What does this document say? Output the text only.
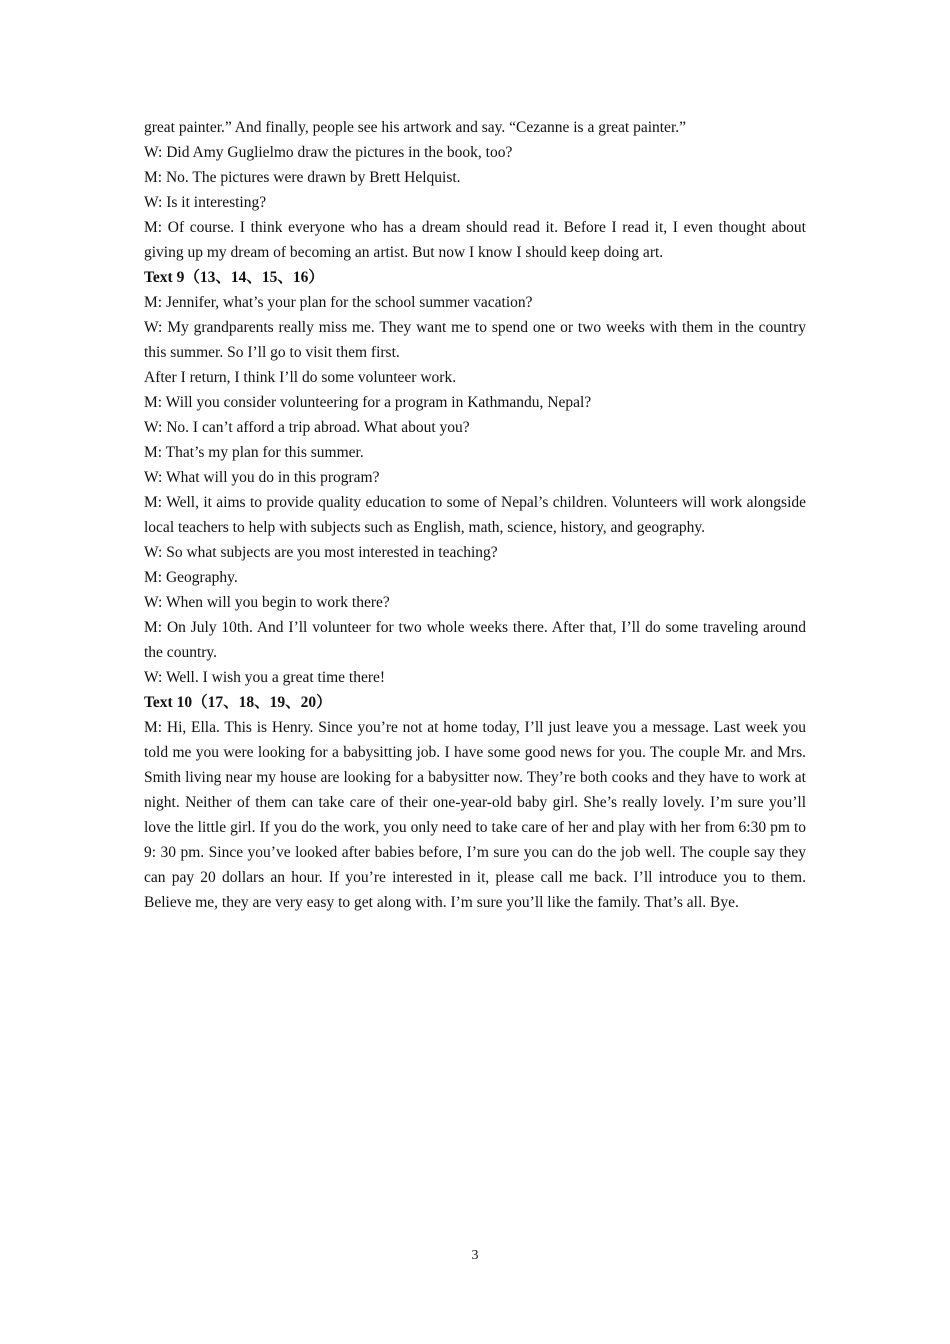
great painter.” And finally, people see his artwork and say. “Cezanne is a great painter.”

W: Did Amy Guglielmo draw the pictures in the book, too?

M: No. The pictures were drawn by Brett Helquist.

W: Is it interesting?

M: Of course. I think everyone who has a dream should read it. Before I read it, I even thought about giving up my dream of becoming an artist. But now I know I should keep doing art.

Text 9（13、14、15、16）

M: Jennifer, what’s your plan for the school summer vacation?

W: My grandparents really miss me. They want me to spend one or two weeks with them in the country this summer. So I’ll go to visit them first.

After I return, I think I’ll do some volunteer work.

M: Will you consider volunteering for a program in Kathmandu, Nepal?

W: No. I can’t afford a trip abroad. What about you?

M: That’s my plan for this summer.

W: What will you do in this program?

M: Well, it aims to provide quality education to some of Nepal’s children. Volunteers will work alongside local teachers to help with subjects such as English, math, science, history, and geography.

W: So what subjects are you most interested in teaching?

M: Geography.

W: When will you begin to work there?

M: On July 10th. And I’ll volunteer for two whole weeks there. After that, I’ll do some traveling around the country.

W: Well. I wish you a great time there!

Text 10（17、18、19、20）

M: Hi, Ella. This is Henry. Since you’re not at home today, I’ll just leave you a message. Last week you told me you were looking for a babysitting job. I have some good news for you. The couple Mr. and Mrs. Smith living near my house are looking for a babysitter now. They’re both cooks and they have to work at night. Neither of them can take care of their one-year-old baby girl. She’s really lovely. I’m sure you’ll love the little girl. If you do the work, you only need to take care of her and play with her from 6:30 pm to 9: 30 pm. Since you’ve looked after babies before, I’m sure you can do the job well. The couple say they can pay 20 dollars an hour. If you’re interested in it, please call me back. I’ll introduce you to them. Believe me, they are very easy to get along with. I’m sure you’ll like the family. That’s all. Bye.

3
